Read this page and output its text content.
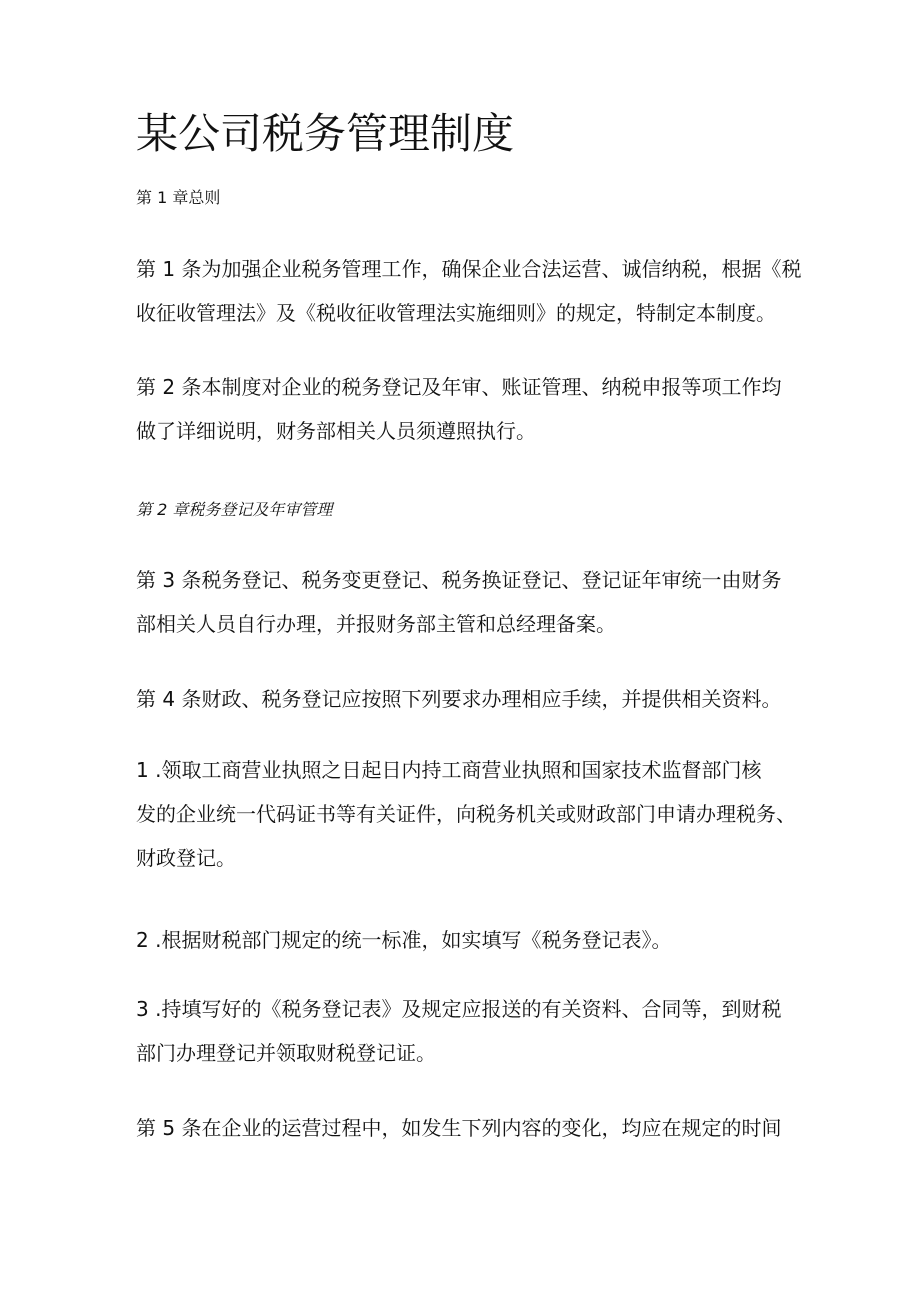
某公司税务管理制度

第 1 章总则

第 1 条为加强企业税务管理工作，确保企业合法运营、诚信纳税，根据《税
收征收管理法》及《税收征收管理法实施细则》的规定，特制定本制度。

第 2 条本制度对企业的税务登记及年审、账证管理、纳税申报等项工作均
做了详细说明，财务部相关人员须遵照执行。

第 2 章税务登记及年审管理

第 3 条税务登记、税务变更登记、税务换证登记、登记证年审统一由财务
部相关人员自行办理，并报财务部主管和总经理备案。

第 4 条财政、税务登记应按照下列要求办理相应手续，并提供相关资料。

1 .领取工商营业执照之日起日内持工商营业执照和国家技术监督部门核
发的企业统一代码证书等有关证件，向税务机关或财政部门申请办理税务、
财政登记。

2 .根据财税部门规定的统一标准，如实填写《税务登记表》。

3 .持填写好的《税务登记表》及规定应报送的有关资料、合同等，到财税
部门办理登记并领取财税登记证。

第 5 条在企业的运营过程中，如发生下列内容的变化，均应在规定的时间
